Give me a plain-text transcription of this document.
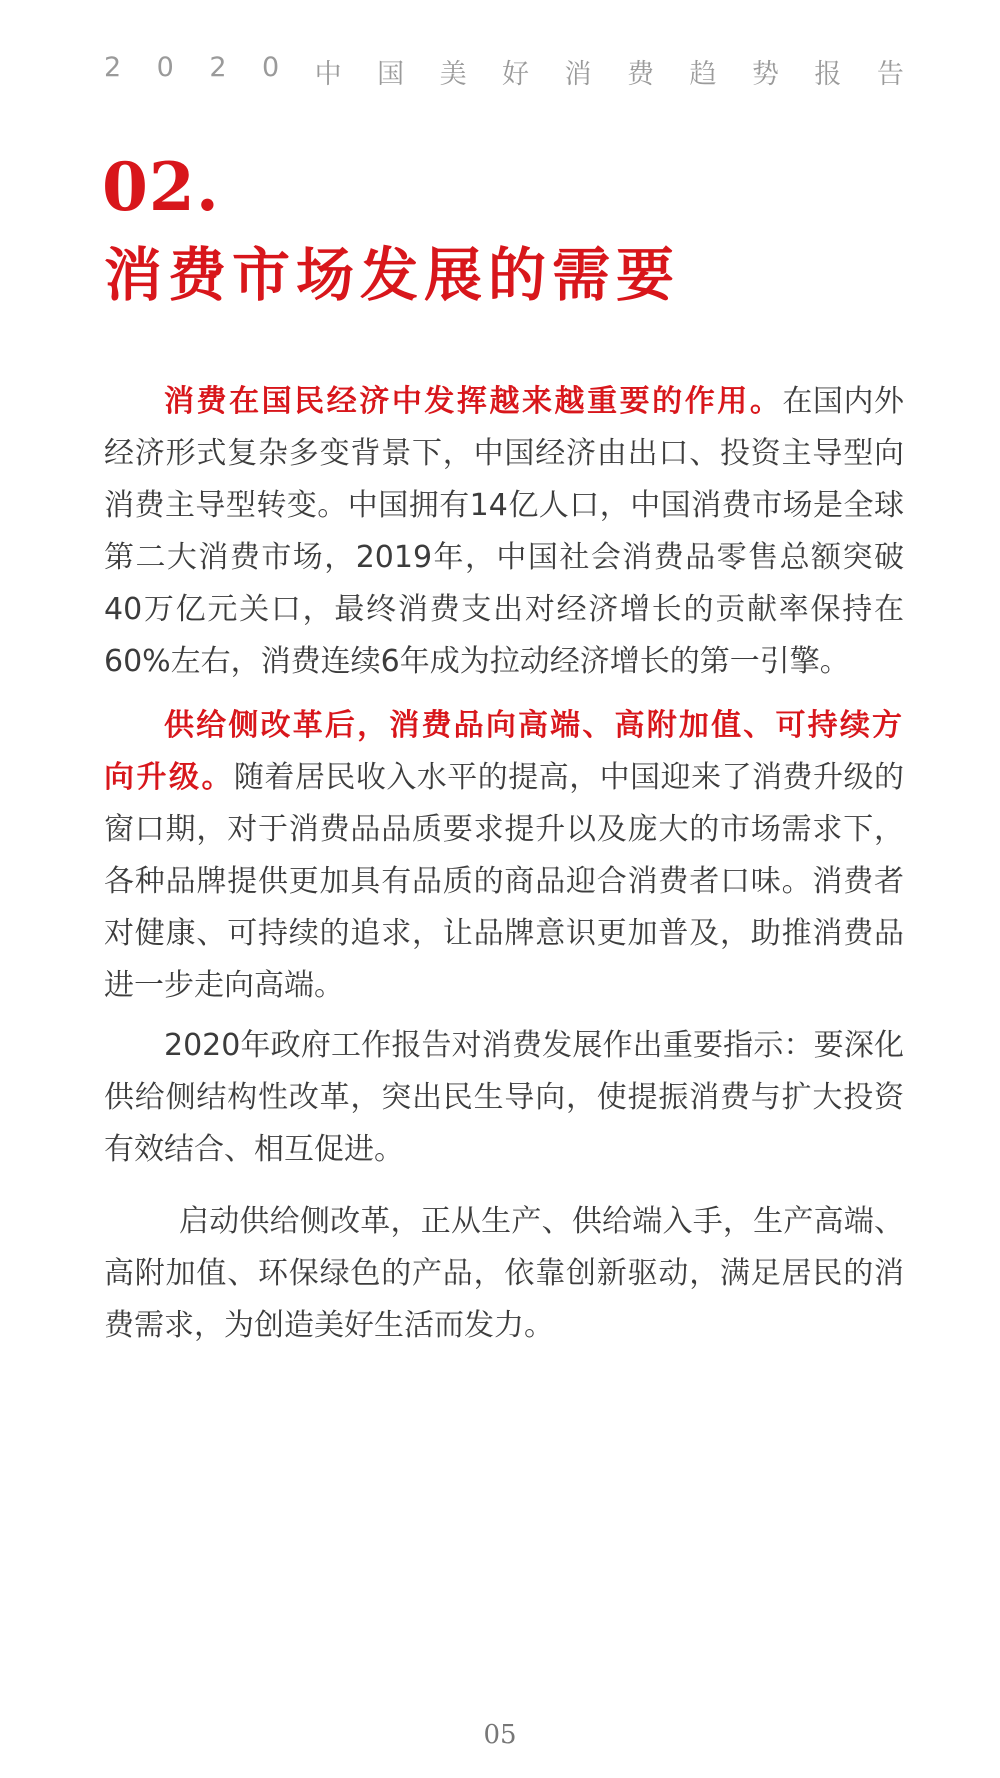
2 0 2 0 中 国 美 好 消 费 趋 势 报 告
02.
消费市场发展的需要

消费在国民经济中发挥越来越重要的作用。在国内外经济形式复杂多变背景下，中国经济由出口、投资主导型向消费主导型转变。中国拥有14亿人口，中国消费市场是全球第二大消费市场，2019年，中国社会消费品零售总额突破40万亿元关口，最终消费支出对经济增长的贡献率保持在60%左右，消费连续6年成为拉动经济增长的第一引擎。

供给侧改革后，消费品向高端、高附加值、可持续方向升级。随着居民收入水平的提高，中国迎来了消费升级的窗口期，对于消费品品质要求提升以及庞大的市场需求下，各种品牌提供更加具有品质的商品迎合消费者口味。消费者对健康、可持续的追求，让品牌意识更加普及，助推消费品进一步走向高端。

2020年政府工作报告对消费发展作出重要指示：要深化供给侧结构性改革，突出民生导向，使提振消费与扩大投资有效结合、相互促进。

启动供给侧改革，正从生产、供给端入手，生产高端、高附加值、环保绿色的产品，依靠创新驱动，满足居民的消费需求，为创造美好生活而发力。

05
